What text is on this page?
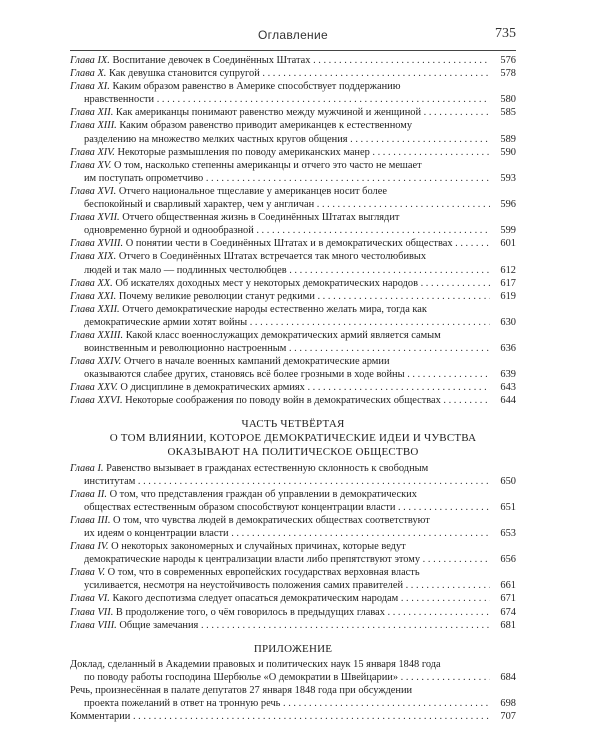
Оглавление	735
Глава IX. Воспитание девочек в Соединённых Штатах . . .	576
Глава X. Как девушка становится супругой . . .	578
Глава XI. Каким образом равенство в Америке способствует поддержанию
нравственности . . .	580
Глава XII. Как американцы понимают равенство между мужчиной и женщиной . . .	585
Глава XIII. Каким образом равенство приводит американцев к естественному
разделению на множество мелких частных кругов общения . . .	589
Глава XIV. Некоторые размышления по поводу американских манер . . .	590
Глава XV. О том, насколько степенны американцы и отчего это часто не мешает
им поступать опрометчиво . . .	593
Глава XVI. Отчего национальное тщеславие у американцев носит более
беспокойный и сварливый характер, чем у англичан . . .	596
Глава XVII. Отчего общественная жизнь в Соединённых Штатах выглядит
одновременно бурной и однообразной . . .	599
Глава XVIII. О понятии чести в Соединённых Штатах и в демократических обществах . . .	601
Глава XIX. Отчего в Соединённых Штатах встречается так много честолюбивых
людей и так мало — подлинных честолюбцев . . .	612
Глава XX. Об искателях доходных мест у некоторых демократических народов . . .	617
Глава XXI. Почему великие революции станут редкими . . .	619
Глава XXII. Отчего демократические народы естественно желать мира, тогда как
демократические армии хотят войны . . .	630
Глава XXIII. Какой класс военнослужащих демократических армий является самым
воинственным и революционно настроенным . . .	636
Глава XXIV. Отчего в начале военных кампаний демократические армии
оказываются слабее других, становясь всё более грозными в ходе войны . . .	639
Глава XXV. О дисциплине в демократических армиях . . .	643
Глава XXVI. Некоторые соображения по поводу войн в демократических обществах . . .	644
ЧАСТЬ ЧЕТВЁРТАЯ
О ТОМ ВЛИЯНИИ, КОТОРОЕ ДЕМОКРАТИЧЕСКИЕ ИДЕИ И ЧУВСТВА
ОКАЗЫВАЮТ НА ПОЛИТИЧЕСКОЕ ОБЩЕСТВО
Глава I. Равенство вызывает в гражданах естественную склонность к свободным
институтам . . .	650
Глава II. О том, что представления граждан об управлении в демократических
обществах естественным образом способствуют концентрации власти . . .	651
Глава III. О том, что чувства людей в демократических обществах соответствуют
их идеям о концентрации власти . . .	653
Глава IV. О некоторых закономерных и случайных причинах, которые ведут
демократические народы к централизации власти либо препятствуют этому . . .	656
Глава V. О том, что в современных европейских государствах верховная власть
усиливается, несмотря на неустойчивость положения самих правителей . . .	661
Глава VI. Какого деспотизма следует опасаться демократическим народам . . .	671
Глава VII. В продолжение того, о чём говорилось в предыдущих главах . . .	674
Глава VIII. Общие замечания . . .	681
ПРИЛОЖЕНИЕ
Доклад, сделанный в Академии правовых и политических наук 15 января 1848 года
по поводу работы господина Шербюлье «О демократии в Швейцарии» . . .	684
Речь, произнесённая в палате депутатов 27 января 1848 года при обсуждении
проекта пожеланий в ответ на тронную речь . . .	698
Комментарии . . .	707
